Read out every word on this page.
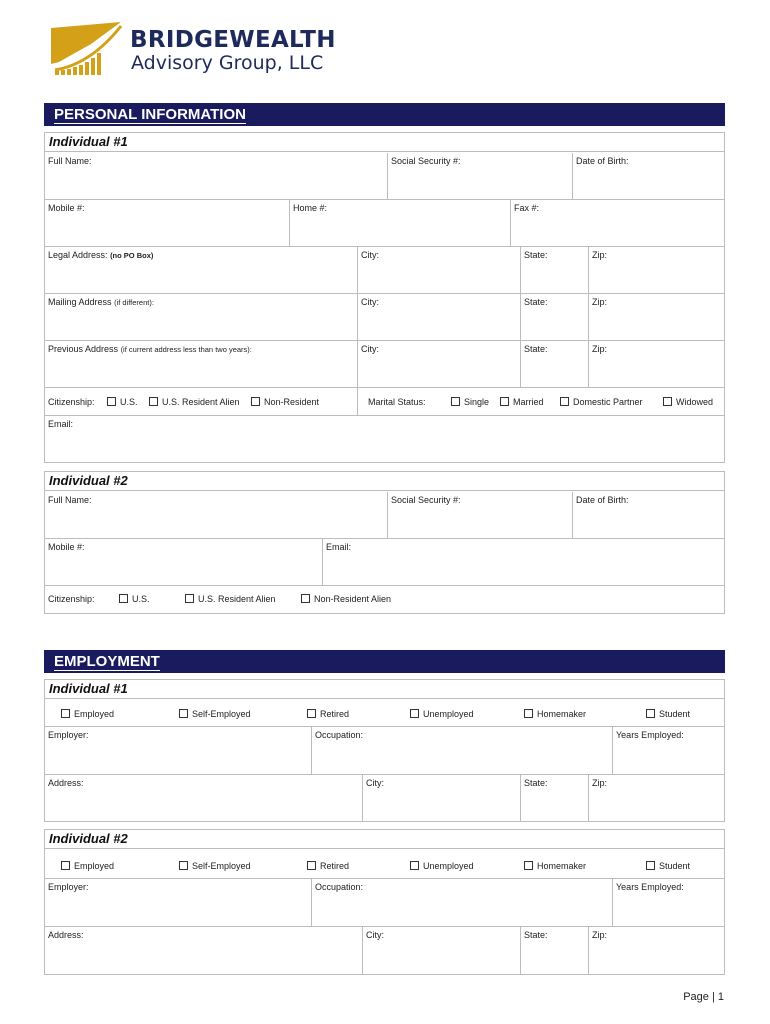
BRIDGEWEALTH
Advisory Group, LLC
PERSONAL INFORMATION
Individual #1
Full Name:	Social Security #:	Date of Birth:
Mobile #:	Home #:	Fax #:
Legal Address: (no PO Box)	City:	State:	Zip:
Mailing Address (if different):	City:	State:	Zip:
Previous Address (if current address less than two years):	City:	State:	Zip:
Citizenship:	U.S.	U.S. Resident Alien	Non-Resident	Marital Status:	Single	Married	Domestic Partner	Widowed
Email:
Individual #2
Full Name:	Social Security #:	Date of Birth:
Mobile #:	Email:
Citizenship:	U.S.	U.S. Resident Alien	Non-Resident Alien
EMPLOYMENT
Individual #1
Employed	Self-Employed	Retired	Unemployed	Homemaker	Student
Employer:	Occupation:	Years Employed:
Address:	City:	State:	Zip:
Individual #2
Employed	Self-Employed	Retired	Unemployed	Homemaker	Student
Employer:	Occupation:	Years Employed:
Address:	City:	State:	Zip:
Page | 1
